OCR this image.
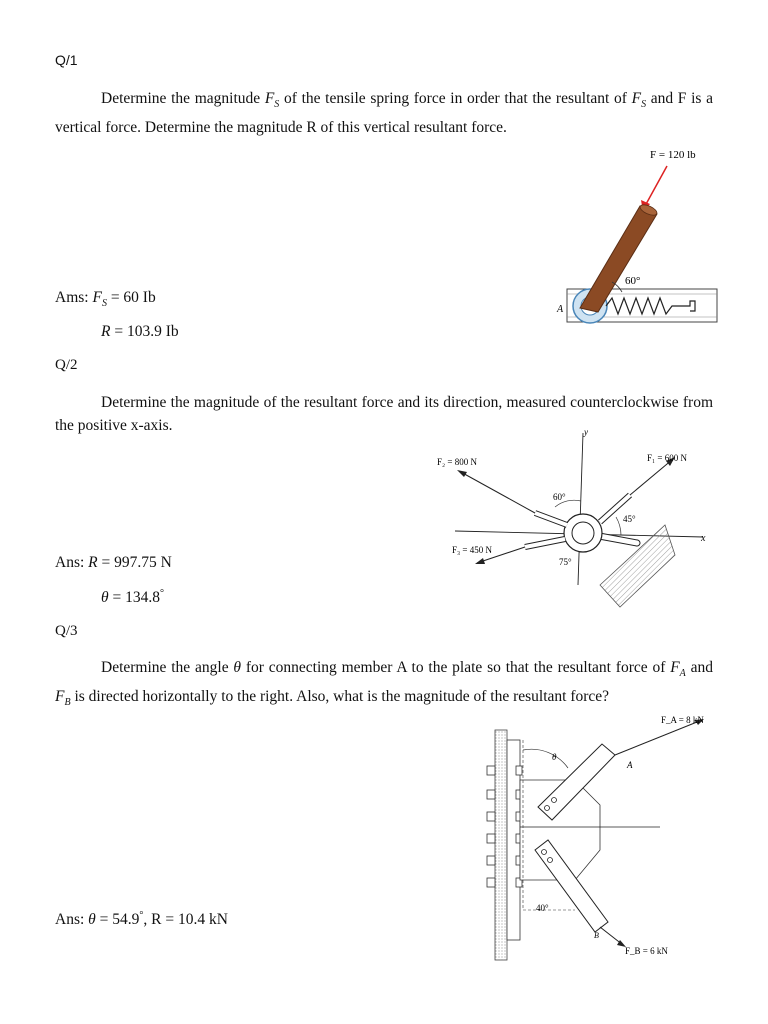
Q/1

Determine the magnitude $F_S$ of the tensile spring force in order that the resultant of $F_S$ and F is a vertical force. Determine the magnitude R of this vertical resultant force.

F = 120 lb
60°
A
Ams: $F_S = 60$ Ib
R = 103.9 Ib
Q/2

Determine the magnitude of the resultant force and its direction, measured counterclockwise from the positive x-axis.

x
y
F₂ = 800 N	F₁ = 600 N
F₃ = 450 N
60°
45°
75°
Ans: R = 997.75 N
θ = 134.8°
Q/3

Determine the angle θ for connecting member A to the plate so that the resultant force of $F_A$ and $F_B$ is directed horizontally to the right. Also, what is the magnitude of the resultant force?

F_A = 8 kN
A
θ
F_B = 6 kN
B
40°
Ans: θ = 54.9°, R = 10.4 kN
